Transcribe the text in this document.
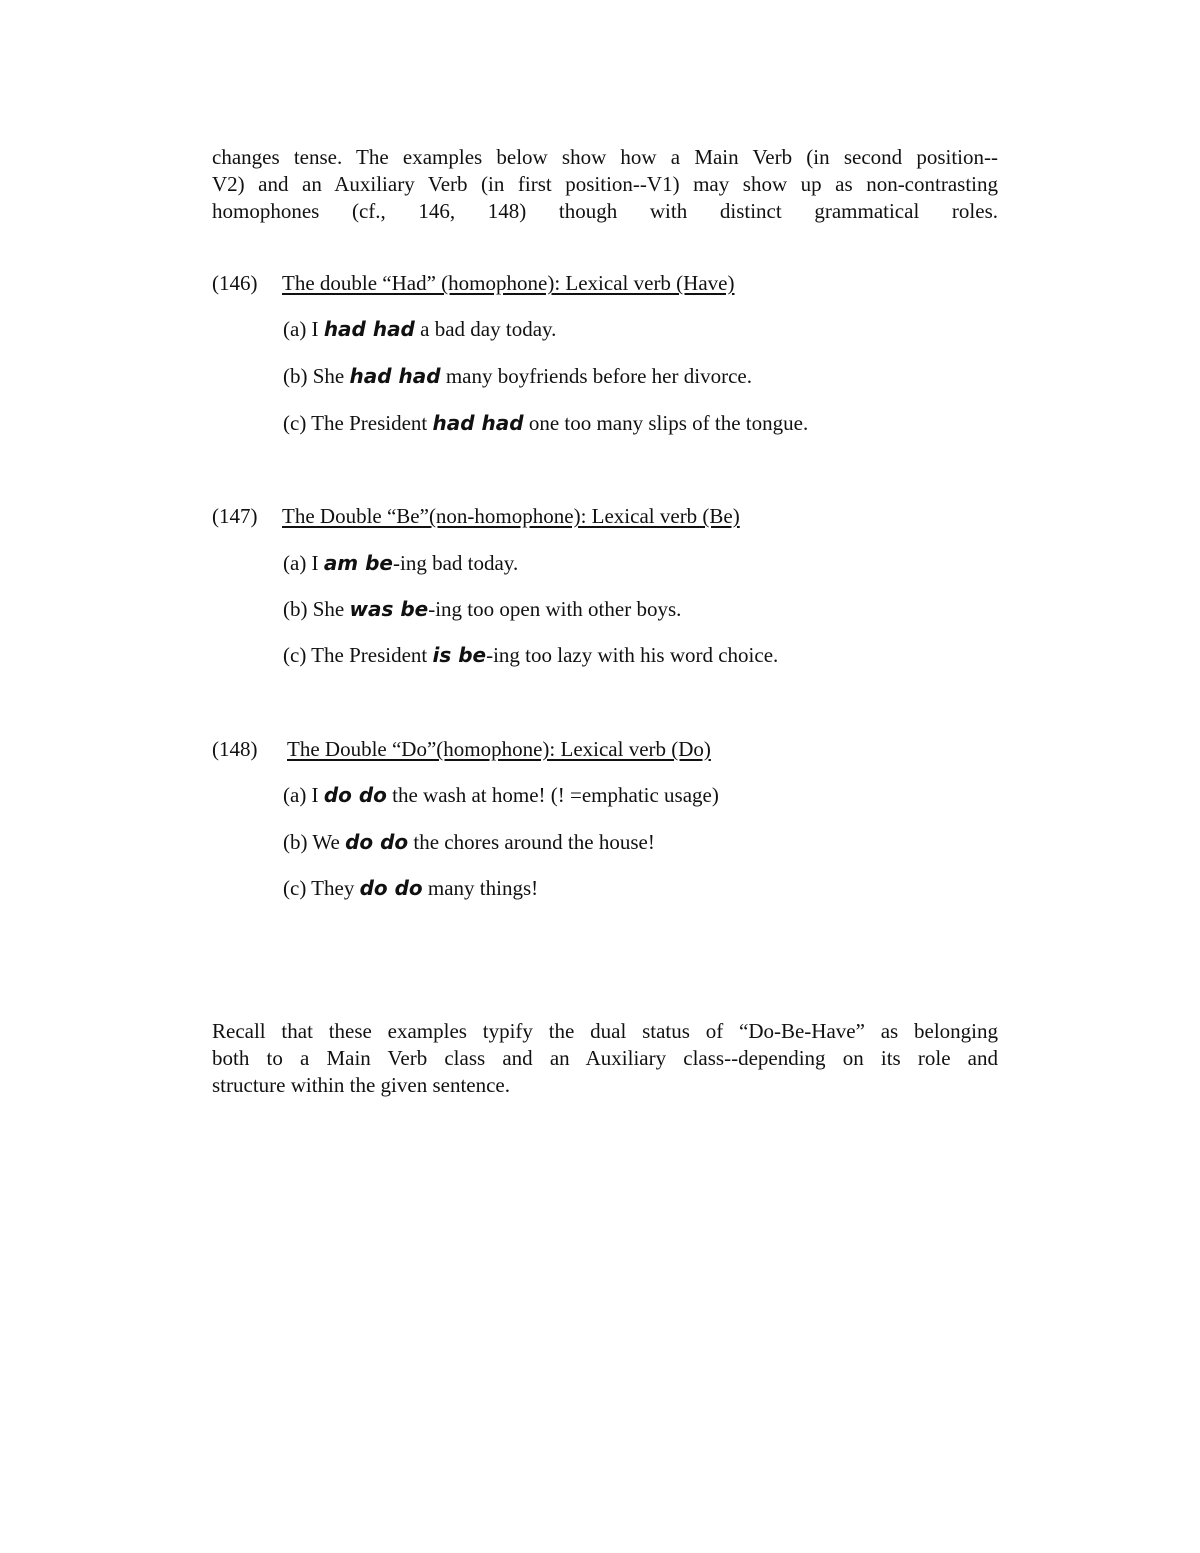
changes tense. The examples below show how a Main Verb (in second position--
V2) and an Auxiliary Verb (in first position--V1) may show up as non-contrasting
homophones (cf., 146, 148) though with distinct grammatical roles.
(146) The double “Had” (homophone): Lexical verb (Have)
(a) I had had a bad day today.
(b) She had had many boyfriends before her divorce.
(c) The President had had one too many slips of the tongue.
(147) The Double “Be”(non-homophone): Lexical verb (Be)
(a) I am be-ing bad today.
(b) She was be-ing too open with other boys.
(c) The President is be-ing too lazy with his word choice.
(148) The Double “Do”(homophone): Lexical verb (Do)
(a) I do do the wash at home! (! =emphatic usage)
(b) We do do the chores around the house!
(c) They do do many things!
Recall that these examples typify the dual status of “Do-Be-Have” as belonging
both to a Main Verb class and an Auxiliary class--depending on its role and
structure within the given sentence.
